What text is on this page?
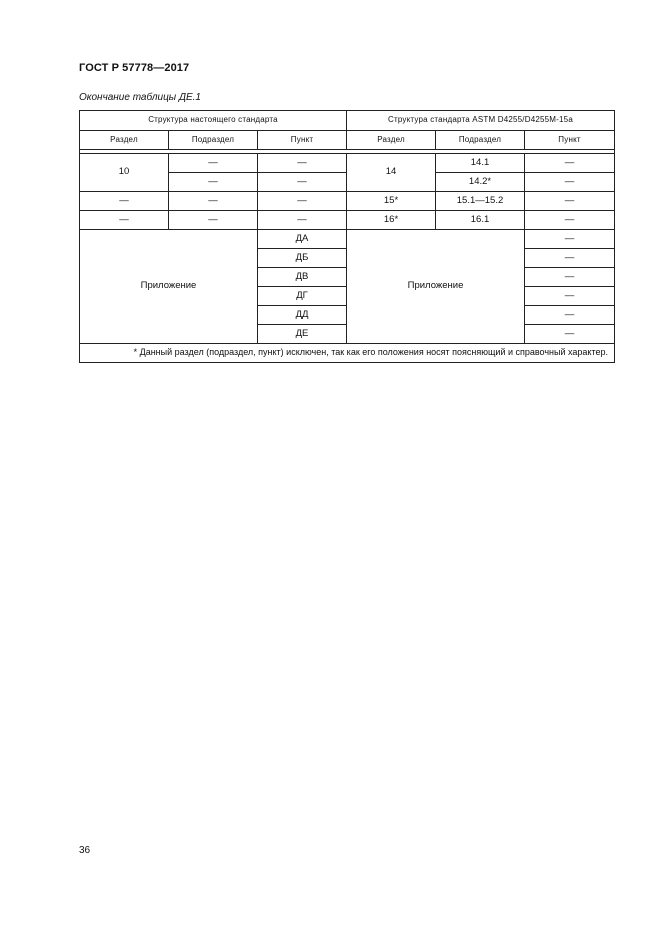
ГОСТ Р 57778—2017
Окончание таблицы ДЕ.1
Структура настоящего стандарта			Структура стандарта ASTM D4255/D4255M-15a		
Раздел	Подраздел	Пункт	Раздел	Подраздел	Пункт

10	—	—	14	14.1	—
	—	—		14.2*	—
—	—	—	15*	15.1—15.2	—
—	—	—	16*	16.1	—
Приложение		ДА	Приложение		—
		ДБ			—
		ДВ			—
		ДГ			—
		ДД			—
		ДЕ			—
* Данный раздел (подраздел, пункт) исключен, так как его положения носят поясняющий и справочный характер.					
36
